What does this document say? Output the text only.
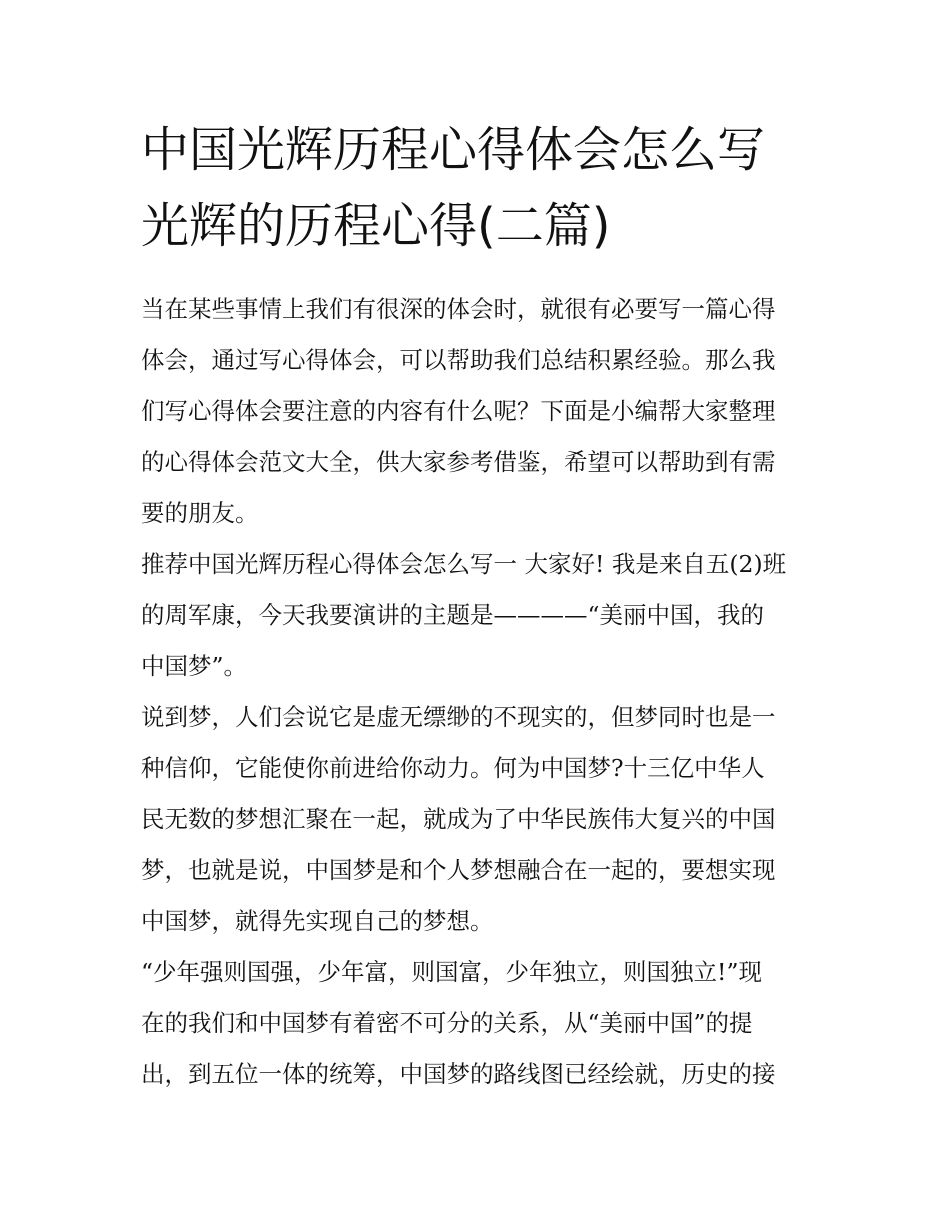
中国光辉历程心得体会怎么写
光辉的历程心得(二篇)

当在某些事情上我们有很深的体会时，就很有必要写一篇心得
体会，通过写心得体会，可以帮助我们总结积累经验。那么我
们写心得体会要注意的内容有什么呢？下面是小编帮大家整理
的心得体会范文大全，供大家参考借鉴，希望可以帮助到有需
要的朋友。

推荐中国光辉历程心得体会怎么写一 大家好! 我是来自五(2)班
的周军康，今天我要演讲的主题是————“美丽中国，我的
中国梦”。

说到梦，人们会说它是虚无缥缈的不现实的，但梦同时也是一
种信仰，它能使你前进给你动力。何为中国梦?十三亿中华人
民无数的梦想汇聚在一起，就成为了中华民族伟大复兴的中国
梦，也就是说，中国梦是和个人梦想融合在一起的，要想实现
中国梦，就得先实现自己的梦想。

“少年强则国强，少年富，则国富，少年独立，则国独立!”现
在的我们和中国梦有着密不可分的关系，从“美丽中国”的提
出，到五位一体的统筹，中国梦的路线图已经绘就，历史的接
